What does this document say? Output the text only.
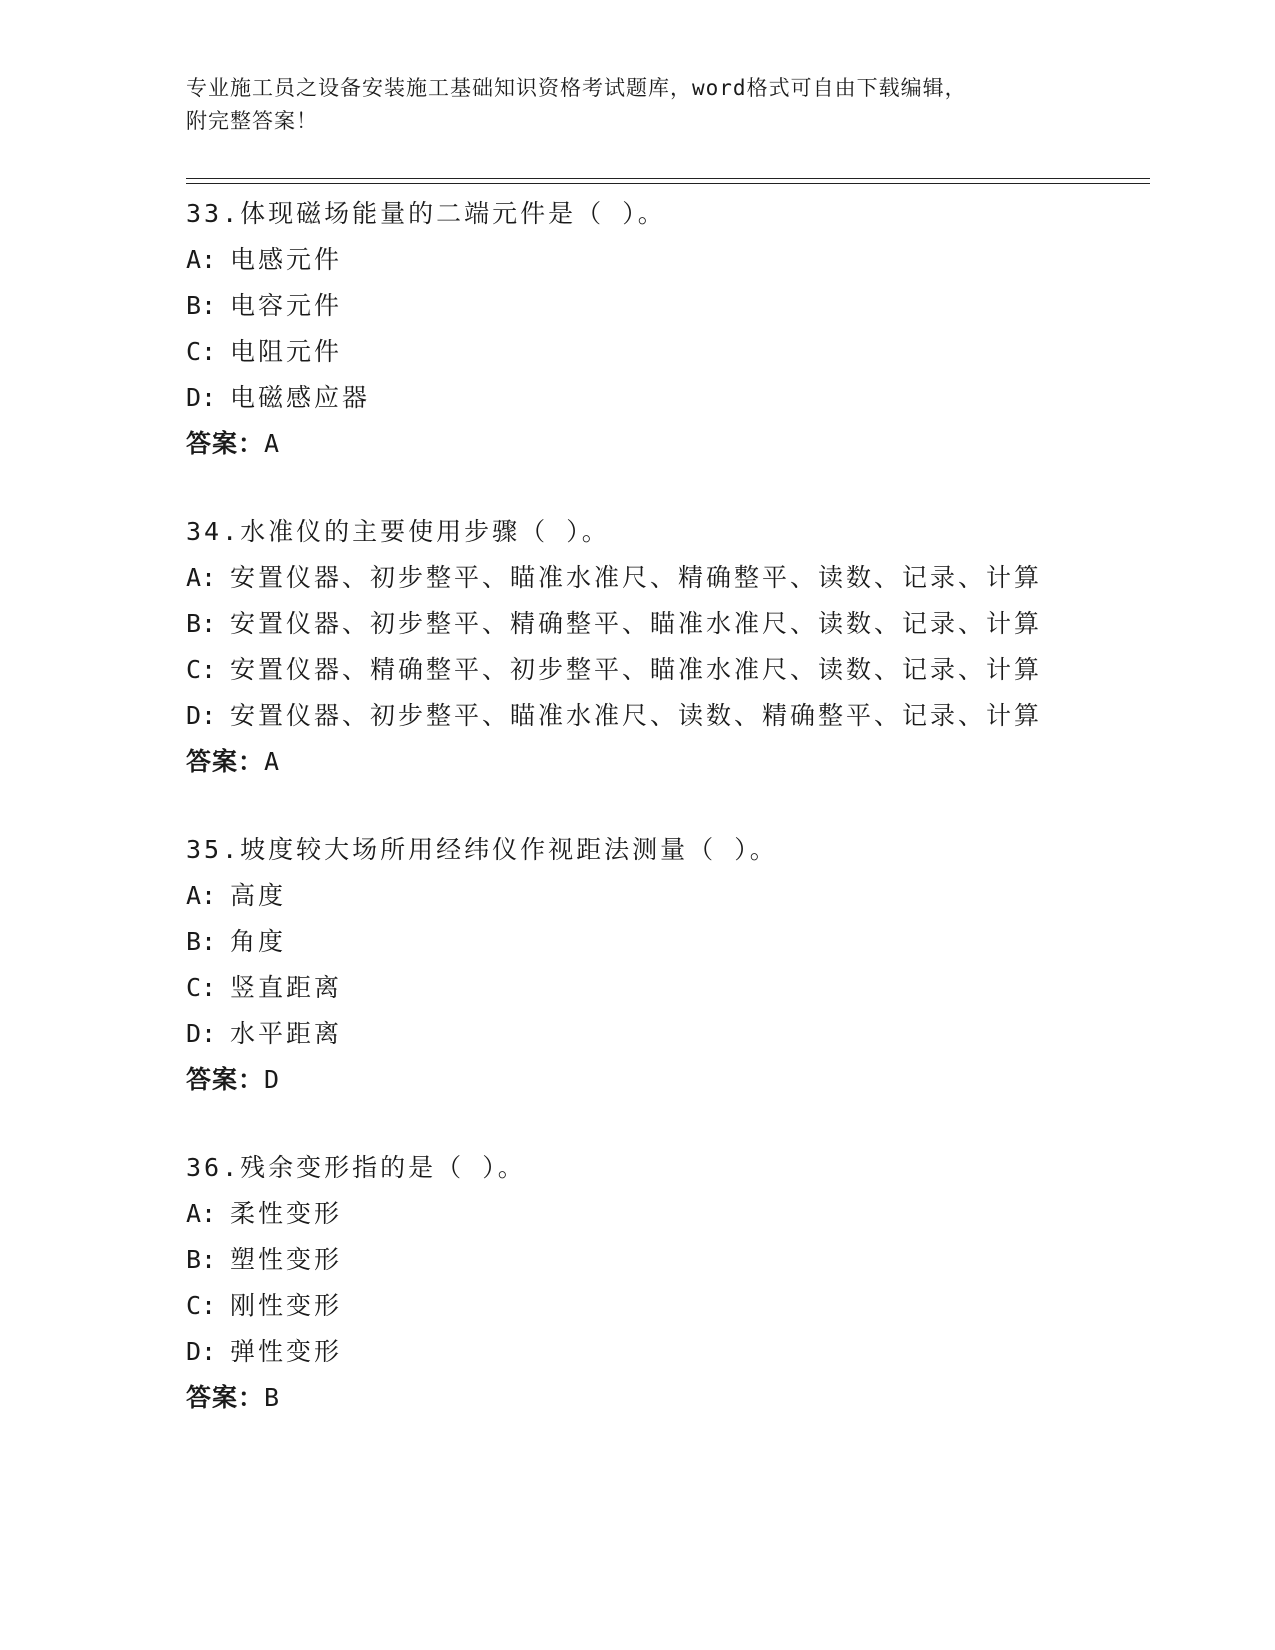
专业施工员之设备安装施工基础知识资格考试题库，word格式可自由下载编辑，
附完整答案！
33.体现磁场能量的二端元件是（ ）。
A: 电感元件
B: 电容元件
C: 电阻元件
D: 电磁感应器
答案：A
34.水准仪的主要使用步骤（ ）。
A: 安置仪器、初步整平、瞄准水准尺、精确整平、读数、记录、计算
B: 安置仪器、初步整平、精确整平、瞄准水准尺、读数、记录、计算
C: 安置仪器、精确整平、初步整平、瞄准水准尺、读数、记录、计算
D: 安置仪器、初步整平、瞄准水准尺、读数、精确整平、记录、计算
答案：A
35.坡度较大场所用经纬仪作视距法测量（ ）。
A: 高度
B: 角度
C: 竖直距离
D: 水平距离
答案：D
36.残余变形指的是（ ）。
A: 柔性变形
B: 塑性变形
C: 刚性变形
D: 弹性变形
答案：B
